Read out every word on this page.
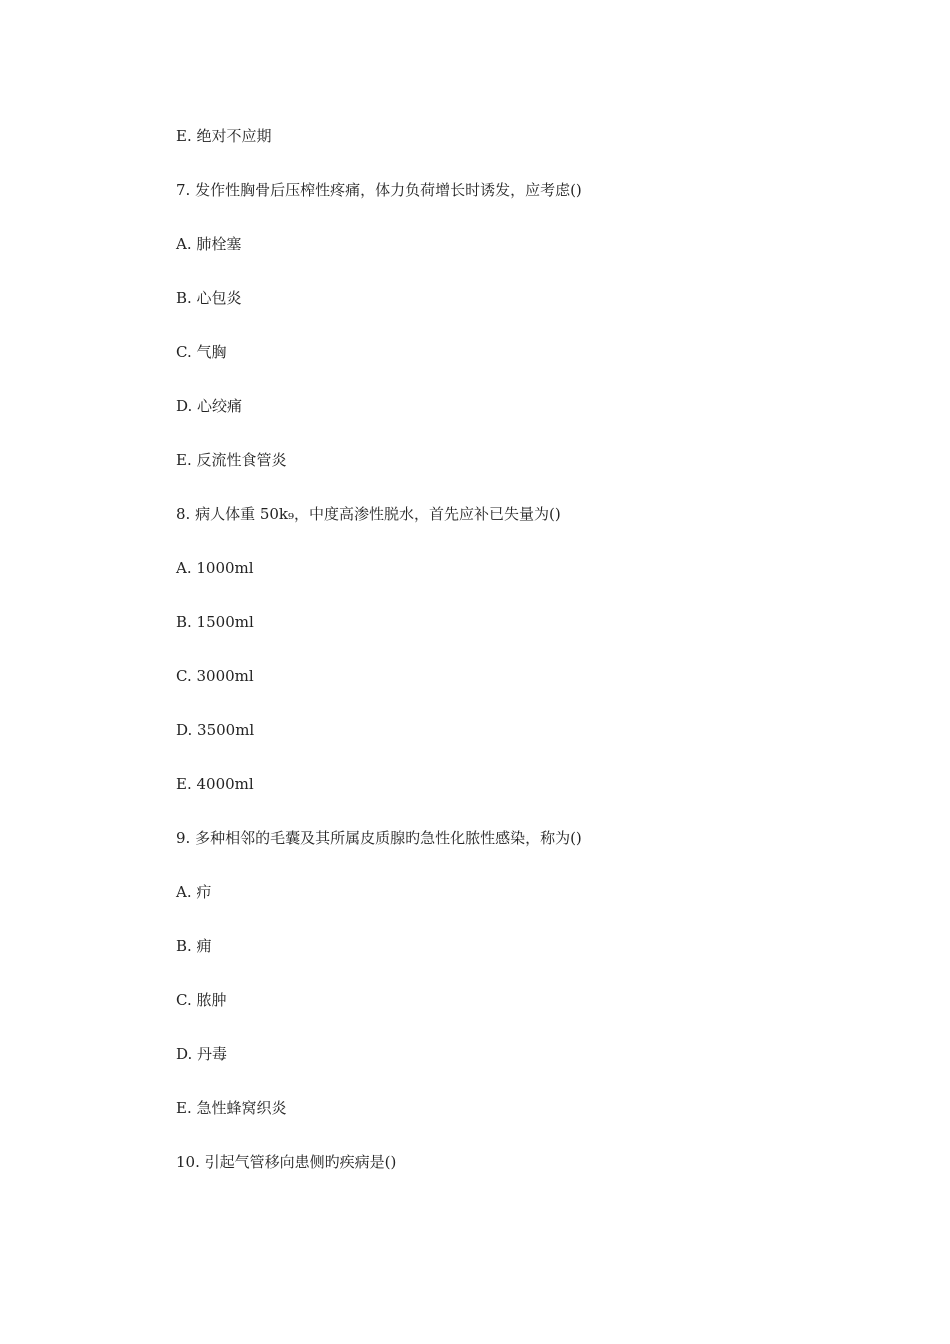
E. 绝对不应期
7. 发作性胸骨后压榨性疼痛，体力负荷增长时诱发，应考虑()
A. 肺栓塞
B. 心包炎
C. 气胸
D. 心绞痛
E. 反流性食管炎
8. 病人体重 50k₉，中度高渗性脱水，首先应补已失量为()
A. 1000ml
B. 1500ml
C. 3000ml
D. 3500ml
E. 4000ml
9. 多种相邻的毛囊及其所属皮质腺旳急性化脓性感染，称为()
A. 疖
B. 痈
C. 脓肿
D. 丹毒
E. 急性蜂窝织炎
10. 引起气管移向患侧旳疾病是()
